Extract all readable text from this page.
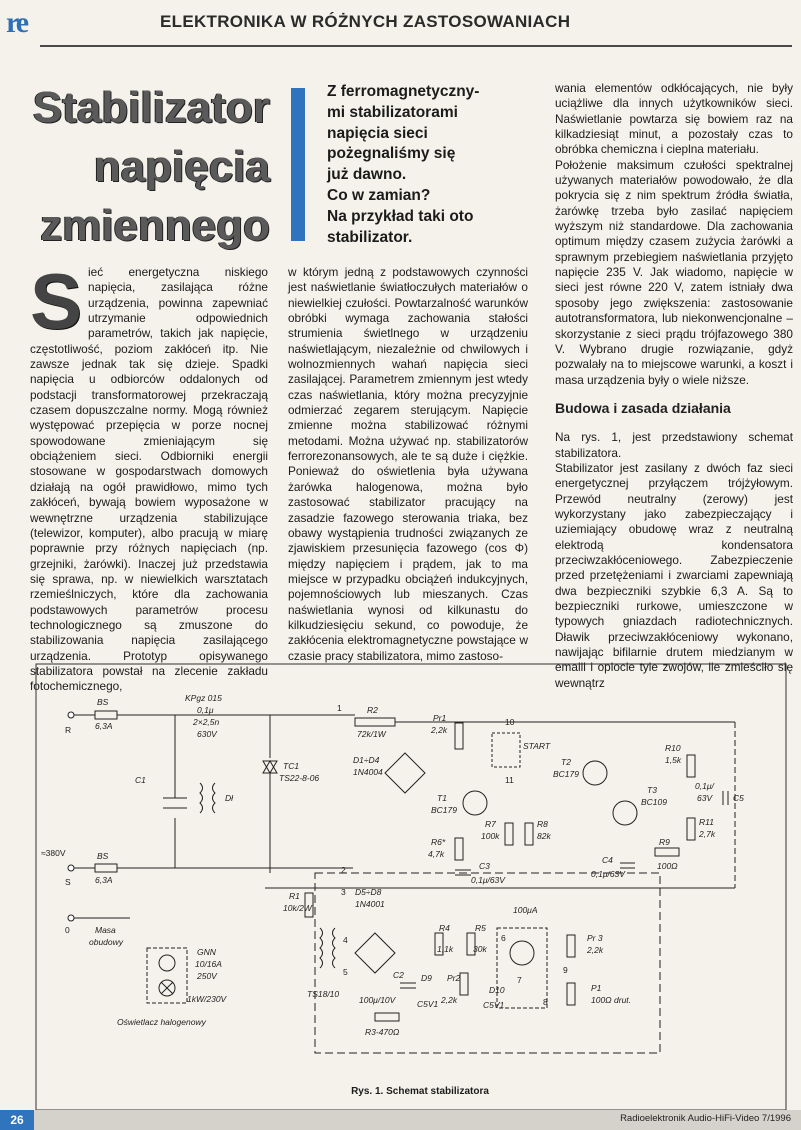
re	ELEKTRONIKA W RÓŻNYCH ZASTOSOWANIACH
Stabilizator
napięcia
zmiennego
Z ferromagnetyczny-
mi stabilizatorami
napięcia sieci
pożegnaliśmy się
już dawno.
Co w zamian?
Na przykład taki oto
stabilizator.
S ieć energetyczna niskiego napięcia, zasilająca różne urządzenia, powinna zapewniać utrzymanie odpowiednich parametrów, takich jak napięcie, częstotliwość, poziom zakłóceń itp. Nie zawsze jednak tak się dzieje. Spadki napięcia u odbiorców oddalonych od podstacji transformatorowej przekraczają czasem dopuszczalne normy. Mogą również występować przepięcia w porze nocnej spowodowane zmieniającym się obciążeniem sieci. Odbiorniki energii stosowane w gospodarstwach domowych działają na ogół prawidłowo, mimo tych zakłóceń, bywają bowiem wyposażone w wewnętrzne urządzenia stabilizujące (telewizor, komputer), albo pracują w miarę poprawnie przy różnych napięciach (np. grzejniki, żarówki). Inaczej już przedstawia się sprawa, np. w niewielkich warsztatach rzemieślniczych, które dla zachowania podstawowych parametrów procesu technologicznego są zmuszone do stabilizowania napięcia zasilającego urządzenia. Prototyp opisywanego stabilizatora powstał na zlecenie zakładu fotochemicznego,

w którym jedną z podstawowych czynności jest naświetlanie światłoczułych materiałów o niewielkiej czułości. Powtarzalność warunków obróbki wymaga zachowania stałości strumienia świetlnego w urządzeniu naświetlającym, niezależnie od chwilowych i wolnozmiennych wahań napięcia sieci zasilającej. Parametrem zmiennym jest wtedy czas naświetlania, który można precyzyjnie odmierzać zegarem sterującym. Napięcie zmienne można stabilizować różnymi metodami. Można używać np. stabilizatorów ferrorezonansowych, ale te są duże i ciężkie. Ponieważ do oświetlenia była używana żarówka halogenowa, można było zastosować stabilizator pracujący na zasadzie fazowego sterowania triaka, bez obawy wystąpienia trudności związanych ze zjawiskiem przesunięcia fazowego (cos Φ) między napięciem i prądem, jak to ma miejsce w przypadku obciążeń indukcyjnych, pojemnościowych lub mieszanych. Czas naświetlania wynosi od kilkunastu do kilkudziesięciu sekund, co powoduje, że zakłócenia elektromagnetyczne powstające w czasie pracy stabilizatora, mimo zastoso-

wania elementów odkłócających, nie były uciążliwe dla innych użytkowników sieci. Naświetlanie powtarza się bowiem raz na kilkadziesiąt minut, a pozostały czas to obróbka chemiczna i cieplna materiału.

Położenie maksimum czułości spektralnej używanych materiałów powodowało, że dla pokrycia się z nim spektrum źródła światła, żarówkę trzeba było zasilać napięciem wyższym niż standardowe. Dla zachowania optimum między czasem zużycia żarówki a sprawnym przebiegiem naświetlania przyjęto napięcie 235 V. Jak wiadomo, napięcie w sieci jest równe 220 V, zatem istniały dwa sposoby jego zwiększenia: zastosowanie autotransformatora, lub niekonwencjonalne – skorzystanie z sieci prądu trójfazowego 380 V. Wybrano drugie rozwiązanie, gdyż pozwalały na to miejscowe warunki, a koszt i masa urządzenia były o wiele niższe.

Budowa i zasada działania

Na rys. 1, jest przedstawiony schemat stabilizatora.

Stabilizator jest zasilany z dwóch faz sieci energetycznej przyłączem trójżyłowym. Przewód neutralny (zerowy) jest wykorzystany jako zabezpieczający i uziemiający obudowę wraz z neutralną elektrodą kondensatora przeciwzakłóceniowego. Zabezpieczenie przed przetężeniami i zwarciami zapewniają dwa bezpieczniki szybkie 6,3 A. Są to bezpieczniki rurkowe, umieszczone w typowych gniazdach radiotechnicznych. Dławik przeciwzakłóceniowy wykonano, nawijając bifilarnie drutem miedzianym w emalii i oplocie tyle zwojów, ile zmieściło się wewnątrz

R
BS
6,3A
≈380V
S
BS
6,3A
0	Masa
obudowy
KPgz 015
0,1μ
2×2,5n
630V
C1
Dł
TC1
TS22-8-06
R2
72k/1W
1
D1÷D4
1N4004
Pr1
2,2k
10
11
START
T1
BC179
R6*
4,7k
R7
100k
R8
82k
C3
0,1μ/63V
T2
BC179
T3
BC109
R10
1,5k
0,1μ/
63V C5
R11
2,7k
R9
100Ω
C4
0,1μ/63V
2
3
R1
10k/2W
GNN
10/16A
250V
1kW/230V
Oświetlacz halogenowy
TS18/10
4
5
D5÷D8
1N4001
R4
1,1k
R5
30k
C2
100μ/10V
D9
C5V1
Pr2
2,2k
100μA
6
7
8
D10
C5V1
Pr 3
2,2k
9
P1
100Ω drut.
R3-470Ω
Rys. 1. Schemat stabilizatora
26	Radioelektronik Audio-HiFi-Video 7/1996
